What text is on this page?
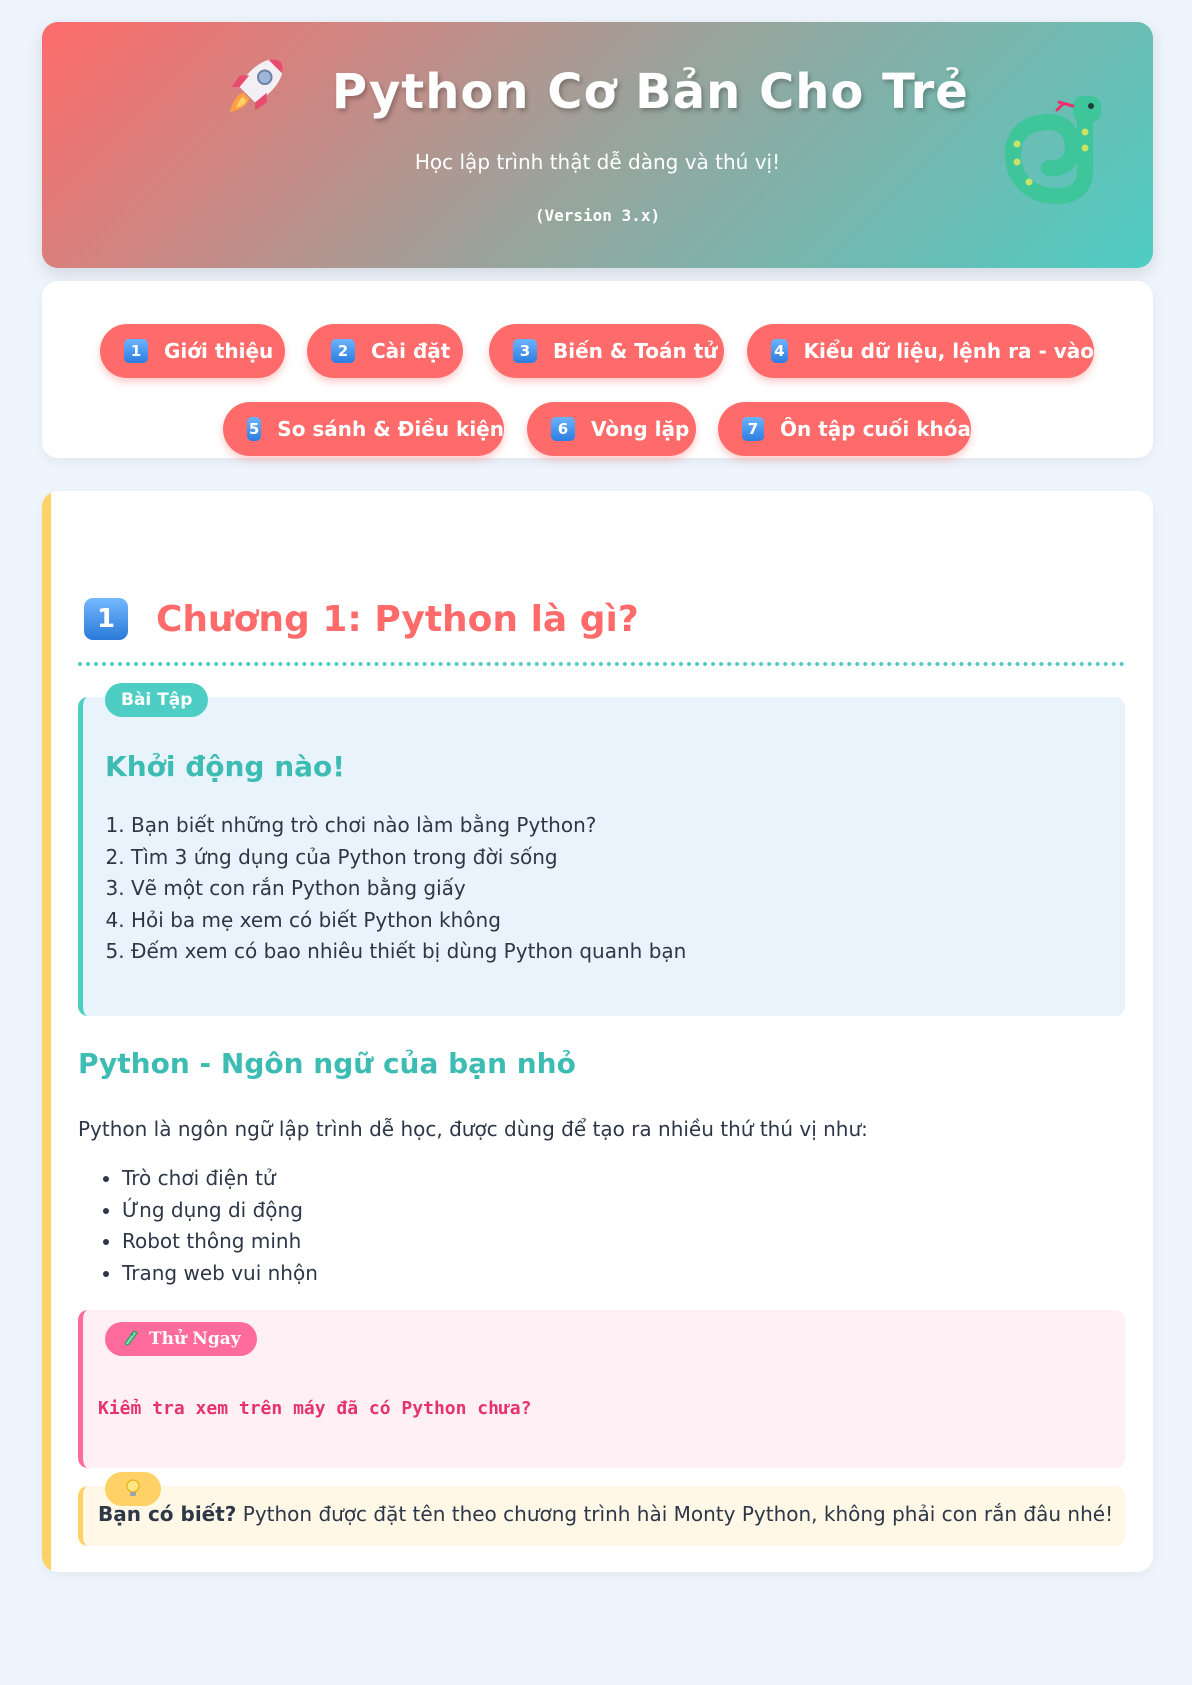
Python Cơ Bản Cho Trẻ
Học lập trình thật dễ dàng và thú vị!
(Version 3.x)
1	Giới thiệu	2	Cài đặt	3	Biến & Toán tử	4 Kiểu dữ liệu, lệnh ra - vào
5 So sánh & Điều kiện	6	Vòng lặp	7 Ôn tập cuối khóa
1	Chương 1: Python là gì?
Bài Tập
Khởi động nào!
1. Bạn biết những trò chơi nào làm bằng Python?
2. Tìm 3 ứng dụng của Python trong đời sống
3. Vẽ một con rắn Python bằng giấy
4. Hỏi ba mẹ xem có biết Python không
5. Đếm xem có bao nhiêu thiết bị dùng Python quanh bạn
Python - Ngôn ngữ của bạn nhỏ
Python là ngôn ngữ lập trình dễ học, được dùng để tạo ra nhiều thứ thú vị như:
• Trò chơi điện tử
• Ứng dụng di động
• Robot thông minh
• Trang web vui nhộn
Thử Ngay
Kiểm tra xem trên máy đã có Python chưa?
Bạn có biết? Python được đặt tên theo chương trình hài Monty Python, không phải con rắn đâu nhé!
